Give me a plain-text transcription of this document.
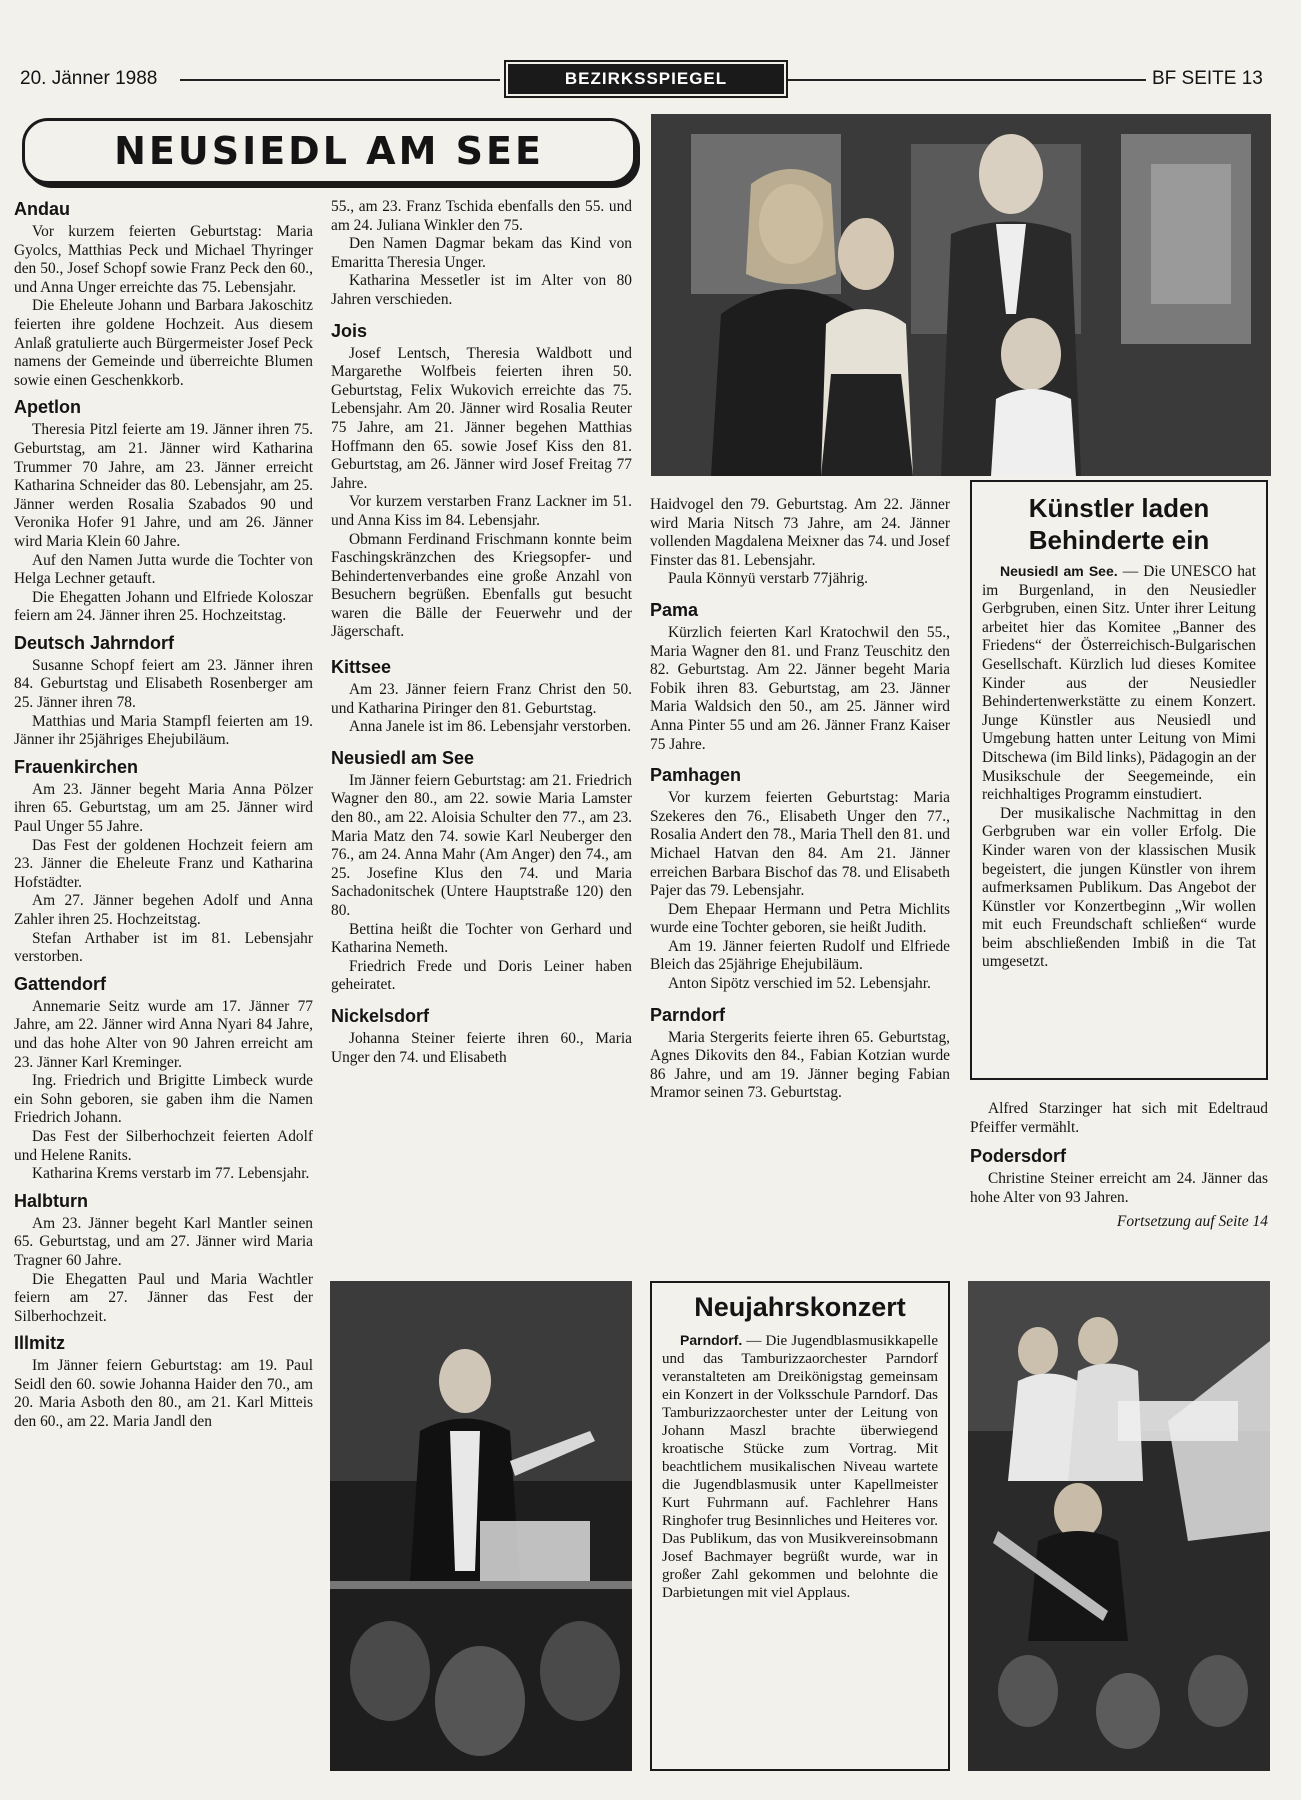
20. Jänner 1988	BEZIRKSSPIEGEL	BF SEITE 13
NEUSIEDL AM SEE
Andau

Vor kurzem feierten Geburtstag: Maria Gyolcs, Matthias Peck und Michael Thyringer den 50., Josef Schopf sowie Franz Peck den 60., und Anna Unger erreichte das 75. Lebensjahr.

Die Eheleute Johann und Barbara Jakoschitz feierten ihre goldene Hochzeit. Aus diesem Anlaß gratulierte auch Bürgermeister Josef Peck namens der Gemeinde und überreichte Blumen sowie einen Geschenkkorb.

Apetlon

Theresia Pitzl feierte am 19. Jänner ihren 75. Geburtstag, am 21. Jänner wird Katharina Trummer 70 Jahre, am 23. Jänner erreicht Katharina Schneider das 80. Lebensjahr, am 25. Jänner werden Rosalia Szabados 90 und Veronika Hofer 91 Jahre, und am 26. Jänner wird Maria Klein 60 Jahre.

Auf den Namen Jutta wurde die Tochter von Helga Lechner getauft.

Die Ehegatten Johann und Elfriede Koloszar feiern am 24. Jänner ihren 25. Hochzeitstag.

Deutsch Jahrndorf

Susanne Schopf feiert am 23. Jänner ihren 84. Geburtstag und Elisabeth Rosenberger am 25. Jänner ihren 78.

Matthias und Maria Stampfl feierten am 19. Jänner ihr 25jähriges Ehejubiläum.

Frauenkirchen

Am 23. Jänner begeht Maria Anna Pölzer ihren 65. Geburtstag, um am 25. Jänner wird Paul Unger 55 Jahre.

Das Fest der goldenen Hochzeit feiern am 23. Jänner die Eheleute Franz und Katharina Hofstädter.

Am 27. Jänner begehen Adolf und Anna Zahler ihren 25. Hochzeitstag.

Stefan Arthaber ist im 81. Lebensjahr verstorben.

Gattendorf

Annemarie Seitz wurde am 17. Jänner 77 Jahre, am 22. Jänner wird Anna Nyari 84 Jahre, und das hohe Alter von 90 Jahren erreicht am 23. Jänner Karl Kreminger.

Ing. Friedrich und Brigitte Limbeck wurde ein Sohn geboren, sie gaben ihm die Namen Friedrich Johann.

Das Fest der Silberhochzeit feierten Adolf und Helene Ranits.

Katharina Krems verstarb im 77. Lebensjahr.

Halbturn

Am 23. Jänner begeht Karl Mantler seinen 65. Geburtstag, und am 27. Jänner wird Maria Tragner 60 Jahre.

Die Ehegatten Paul und Maria Wachtler feiern am 27. Jänner das Fest der Silberhochzeit.

Illmitz

Im Jänner feiern Geburtstag: am 19. Paul Seidl den 60. sowie Johanna Haider den 70., am 20. Maria Asboth den 80., am 21. Karl Mitteis den 60., am 22. Maria Jandl den

55., am 23. Franz Tschida ebenfalls den 55. und am 24. Juliana Winkler den 75.

Den Namen Dagmar bekam das Kind von Emaritta Theresia Unger.

Katharina Messetler ist im Alter von 80 Jahren verschieden.

Jois

Josef Lentsch, Theresia Waldbott und Margarethe Wolfbeis feierten ihren 50. Geburtstag, Felix Wukovich erreichte das 75. Lebensjahr. Am 20. Jänner wird Rosalia Reuter 75 Jahre, am 21. Jänner begehen Matthias Hoffmann den 65. sowie Josef Kiss den 81. Geburtstag, am 26. Jänner wird Josef Freitag 77 Jahre.

Vor kurzem verstarben Franz Lackner im 51. und Anna Kiss im 84. Lebensjahr.

Obmann Ferdinand Frischmann konnte beim Faschingskränzchen des Kriegsopfer- und Behindertenverbandes eine große Anzahl von Besuchern begrüßen. Ebenfalls gut besucht waren die Bälle der Feuerwehr und der Jägerschaft.

Kittsee

Am 23. Jänner feiern Franz Christ den 50. und Katharina Piringer den 81. Geburtstag.

Anna Janele ist im 86. Lebensjahr verstorben.

Neusiedl am See

Im Jänner feiern Geburtstag: am 21. Friedrich Wagner den 80., am 22. sowie Maria Lamster den 80., am 22. Aloisia Schulter den 77., am 23. Maria Matz den 74. sowie Karl Neuberger den 76., am 24. Anna Mahr (Am Anger) den 74., am 25. Josefine Klus den 74. und Maria Sachadonitschek (Untere Hauptstraße 120) den 80.

Bettina heißt die Tochter von Gerhard und Katharina Nemeth.

Friedrich Frede und Doris Leiner haben geheiratet.

Nickelsdorf

Johanna Steiner feierte ihren 60., Maria Unger den 74. und Elisabeth

Haidvogel den 79. Geburtstag. Am 22. Jänner wird Maria Nitsch 73 Jahre, am 24. Jänner vollenden Magdalena Meixner das 74. und Josef Finster das 81. Lebensjahr.

Paula Könnyü verstarb 77jährig.

Pama

Kürzlich feierten Karl Kratochwil den 55., Maria Wagner den 81. und Franz Teuschitz den 82. Geburtstag. Am 22. Jänner begeht Maria Fobik ihren 83. Geburtstag, am 23. Jänner Maria Waldsich den 50., am 25. Jänner wird Anna Pinter 55 und am 26. Jänner Franz Kaiser 75 Jahre.

Pamhagen

Vor kurzem feierten Geburtstag: Maria Szekeres den 76., Elisabeth Unger den 77., Rosalia Andert den 78., Maria Thell den 81. und Michael Hatvan den 84. Am 21. Jänner erreichen Barbara Bischof das 78. und Elisabeth Pajer das 79. Lebensjahr.

Dem Ehepaar Hermann und Petra Michlits wurde eine Tochter geboren, sie heißt Judith.

Am 19. Jänner feierten Rudolf und Elfriede Bleich das 25jährige Ehejubiläum.

Anton Sipötz verschied im 52. Lebensjahr.

Parndorf

Maria Stergerits feierte ihren 65. Geburtstag, Agnes Dikovits den 84., Fabian Kotzian wurde 86 Jahre, und am 19. Jänner beging Fabian Mramor seinen 73. Geburtstag.

Künstler laden
Behinderte ein

Neusiedl am See. — Die UNESCO hat im Burgenland, in den Neusiedler Gerbgruben, einen Sitz. Unter ihrer Leitung arbeitet hier das Komitee „Banner des Friedens“ der Österreichisch-Bulgarischen Gesellschaft. Kürzlich lud dieses Komitee Kinder aus der Neusiedler Behindertenwerkstätte zu einem Konzert. Junge Künstler aus Neusiedl und Umgebung hatten unter Leitung von Mimi Ditschewa (im Bild links), Pädagogin an der Musikschule der Seegemeinde, ein reichhaltiges Programm einstudiert.

Der musikalische Nachmittag in den Gerbgruben war ein voller Erfolg. Die Kinder waren von der klassischen Musik begeistert, die jungen Künstler von ihrem aufmerksamen Publikum. Das Angebot der Künstler vor Konzertbeginn „Wir wollen mit euch Freundschaft schließen“ wurde beim abschließenden Imbiß in die Tat umgesetzt.

Alfred Starzinger hat sich mit Edeltraud Pfeiffer vermählt.

Podersdorf

Christine Steiner erreicht am 24. Jänner das hohe Alter von 93 Jahren.

Fortsetzung auf Seite 14
Neujahrskonzert

Parndorf. — Die Jugendblasmusikkapelle und das Tamburizzaorchester Parndorf veranstalteten am Dreikönigstag gemeinsam ein Konzert in der Volksschule Parndorf. Das Tamburizzaorchester unter der Leitung von Johann Maszl brachte überwiegend kroatische Stücke zum Vortrag. Mit beachtlichem musikalischen Niveau wartete die Jugendblasmusik unter Kapellmeister Kurt Fuhrmann auf. Fachlehrer Hans Ringhofer trug Besinnliches und Heiteres vor. Das Publikum, das von Musikvereinsobmann Josef Bachmayer begrüßt wurde, war in großer Zahl gekommen und belohnte die Darbietungen mit viel Applaus.
